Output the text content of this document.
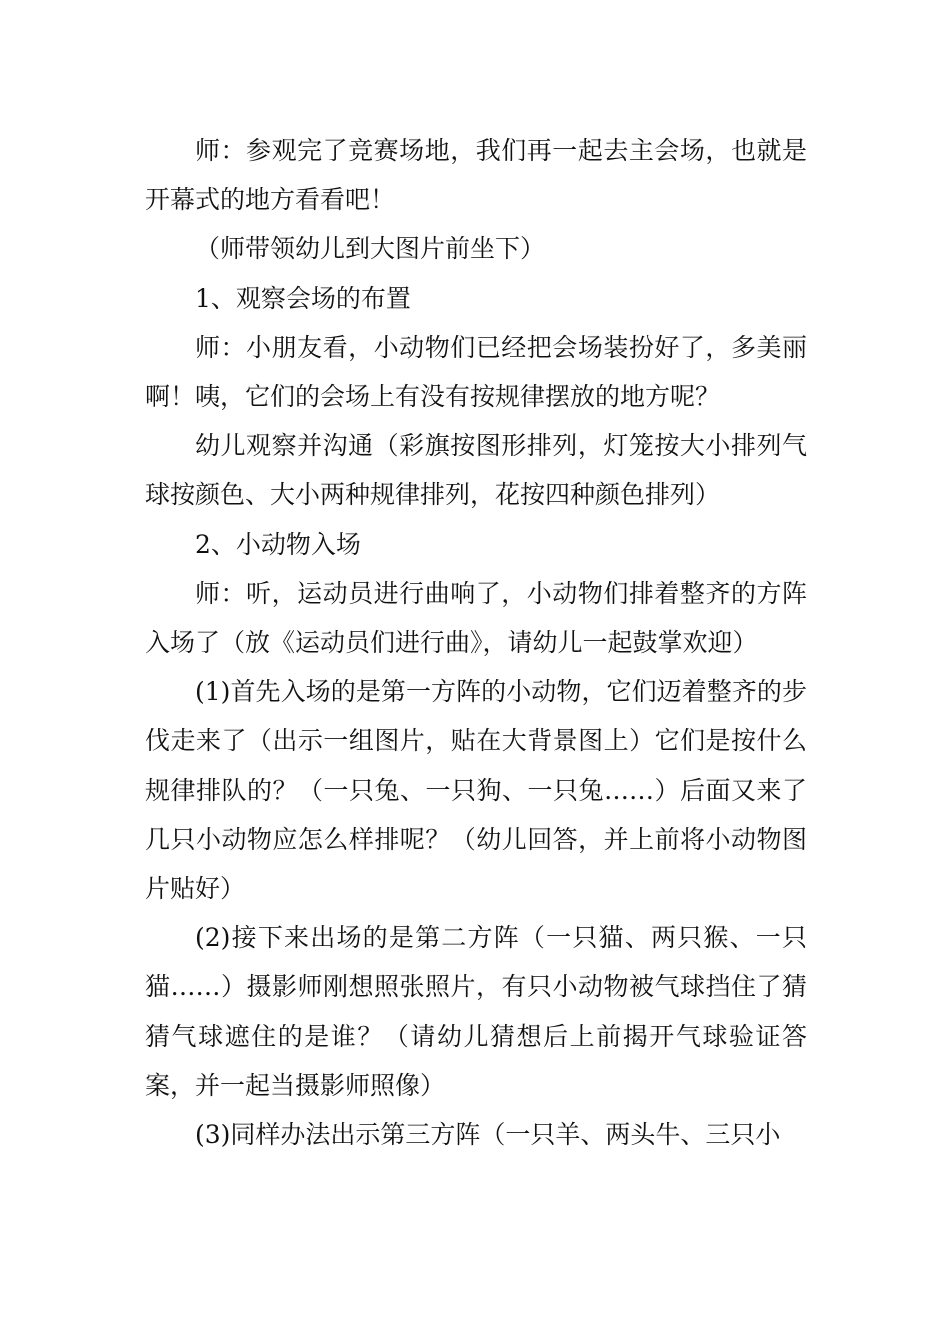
师：参观完了竞赛场地，我们再一起去主会场，也就是开幕式的地方看看吧！

（师带领幼儿到大图片前坐下）

1、观察会场的布置

师：小朋友看，小动物们已经把会场装扮好了，多美丽啊！咦，它们的会场上有没有按规律摆放的地方呢？

幼儿观察并沟通（彩旗按图形排列，灯笼按大小排列气球按颜色、大小两种规律排列，花按四种颜色排列）

2、小动物入场

师：听，运动员进行曲响了，小动物们排着整齐的方阵入场了（放《运动员们进行曲》，请幼儿一起鼓掌欢迎）

(1)首先入场的是第一方阵的小动物，它们迈着整齐的步伐走来了（出示一组图片，贴在大背景图上）它们是按什么规律排队的？（一只兔、一只狗、一只兔……）后面又来了几只小动物应怎么样排呢？（幼儿回答，并上前将小动物图片贴好）

(2)接下来出场的是第二方阵（一只猫、两只猴、一只猫……）摄影师刚想照张照片，有只小动物被气球挡住了猜猜气球遮住的是谁？（请幼儿猜想后上前揭开气球验证答案，并一起当摄影师照像）

(3)同样办法出示第三方阵（一只羊、两头牛、三只小
